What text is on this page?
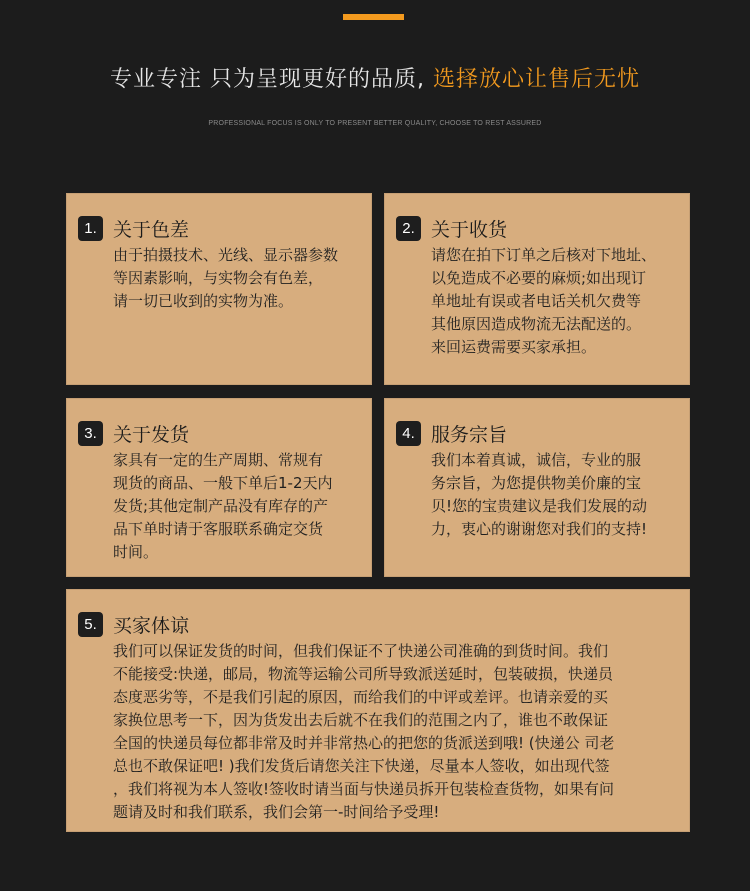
专业专注 只为呈现更好的品质, 选择放心让售后无忧
PROFESSIONAL FOCUS IS ONLY TO PRESENT BETTER QUALITY, CHOOSE TO REST ASSURED
1. 关于色差
由于拍摄技术、光线、显示器参数
等因素影响，与实物会有色差，
请一切已收到的实物为准。
2. 关于收货
请您在拍下订单之后核对下地址、
以免造成不必要的麻烦;如出现订
单地址有误或者电话关机欠费等
其他原因造成物流无法配送的。
来回运费需要买家承担。
3. 关于发货
家具有一定的生产周期、常规有
现货的商品、一般下单后1-2天内
发货;其他定制产品没有库存的产
品下单时请于客服联系确定交货
时间。
4. 服务宗旨
我们本着真诚，诚信，专业的服
务宗旨，为您提供物美价廉的宝
贝!您的宝贵建议是我们发展的动
力，衷心的谢谢您对我们的支持!
5. 买家体谅
我们可以保证发货的时间，但我们保证不了快递公司准确的到货时间。我们
不能接受:快递，邮局，物流等运输公司所导致派送延时，包装破损，快递员
态度恶劣等，不是我们引起的原因，而给我们的中评或差评。也请亲爱的买
家换位思考一下，因为货发出去后就不在我们的范围之内了，谁也不敢保证
全国的快递员每位都非常及时并非常热心的把您的货派送到哦! (快递公 司老
总也不敢保证吧! )我们发货后请您关注下快递，尽量本人签收，如出现代签
，我们将视为本人签收!签收时请当面与快递员拆开包装检查货物，如果有问
题请及时和我们联系，我们会第一-时间给予受理!
